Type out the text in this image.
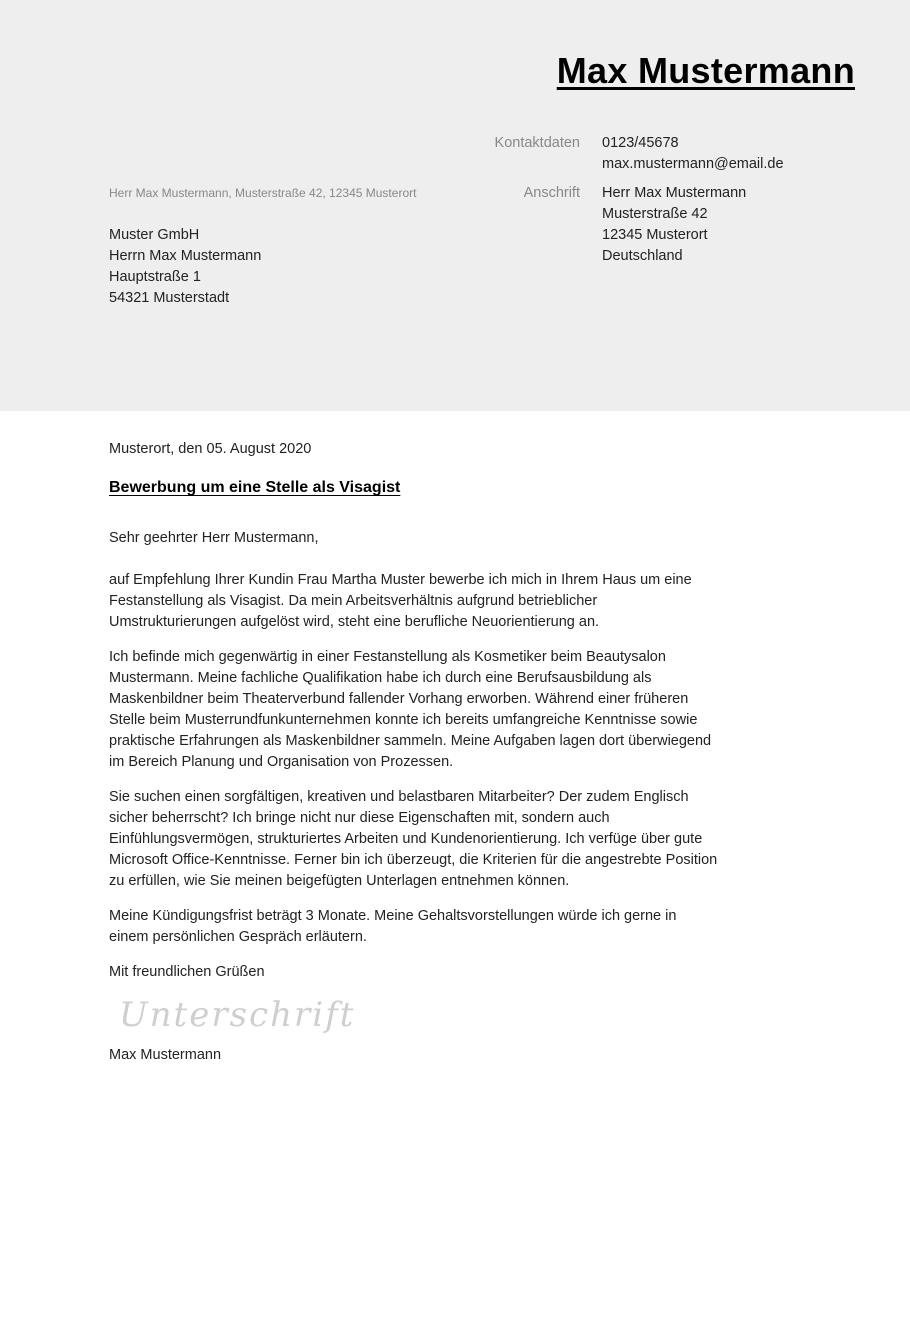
Max Mustermann
Kontaktdaten	0123/45678
max.mustermann@email.de
Anschrift	Herr Max Mustermann
Musterstraße 42
12345 Musterort
Deutschland
Herr Max Mustermann, Musterstraße 42, 12345 Musterort
Muster GmbH
Herrn Max Mustermann
Hauptstraße 1
54321 Musterstadt

Musterort, den 05. August 2020

Bewerbung um eine Stelle als Visagist

Sehr geehrter Herr Mustermann,

auf Empfehlung Ihrer Kundin Frau Martha Muster bewerbe ich mich in Ihrem Haus um eine Festanstellung als Visagist. Da mein Arbeitsverhältnis aufgrund betrieblicher Umstrukturierungen aufgelöst wird, steht eine berufliche Neuorientierung an.

Ich befinde mich gegenwärtig in einer Festanstellung als Kosmetiker beim Beautysalon Mustermann. Meine fachliche Qualifikation habe ich durch eine Berufsausbildung als Maskenbildner beim Theaterverbund fallender Vorhang erworben. Während einer früheren Stelle beim Musterrundfunkunternehmen konnte ich bereits umfangreiche Kenntnisse sowie praktische Erfahrungen als Maskenbildner sammeln. Meine Aufgaben lagen dort überwiegend im Bereich Planung und Organisation von Prozessen.

Sie suchen einen sorgfältigen, kreativen und belastbaren Mitarbeiter? Der zudem Englisch sicher beherrscht? Ich bringe nicht nur diese Eigenschaften mit, sondern auch Einfühlungsvermögen, strukturiertes Arbeiten und Kundenorientierung. Ich verfüge über gute Microsoft Office-Kenntnisse. Ferner bin ich überzeugt, die Kriterien für die angestrebte Position zu erfüllen, wie Sie meinen beigefügten Unterlagen entnehmen können.

Meine Kündigungsfrist beträgt 3 Monate. Meine Gehaltsvorstellungen würde ich gerne in einem persönlichen Gespräch erläutern.

Mit freundlichen Grüßen

Unterschrift

Max Mustermann
